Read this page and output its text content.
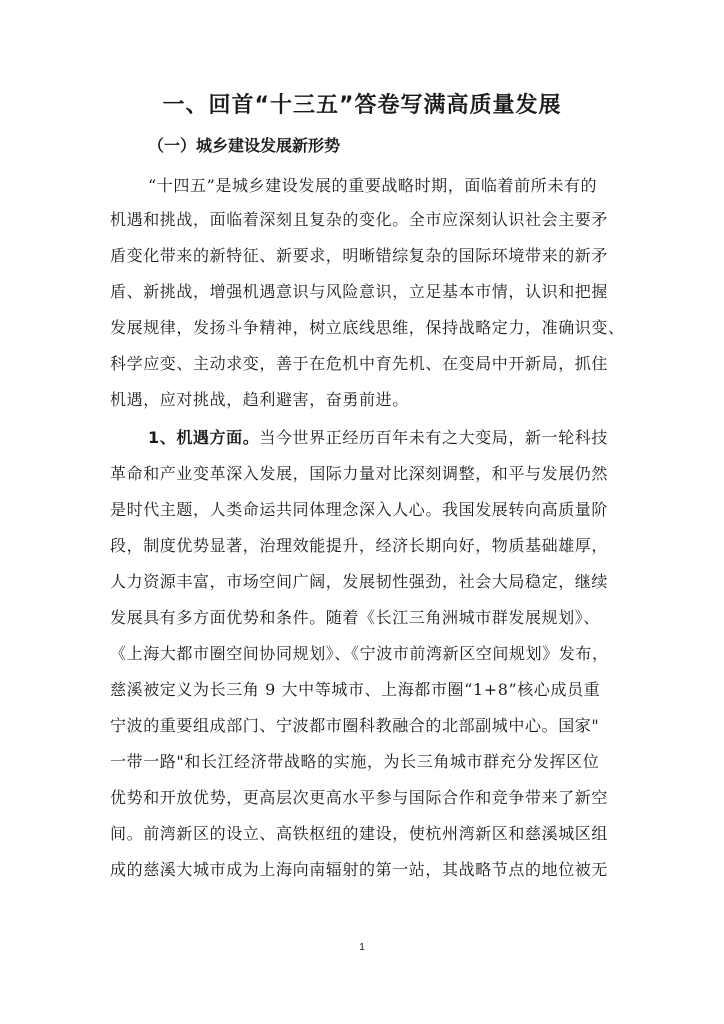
一、回首“十三五”答卷写满高质量发展
（一）城乡建设发展新形势
“十四五”是城乡建设发展的重要战略时期，面临着前所未有的
机遇和挑战，面临着深刻且复杂的变化。全市应深刻认识社会主要矛
盾变化带来的新特征、新要求，明晰错综复杂的国际环境带来的新矛
盾、新挑战，增强机遇意识与风险意识，立足基本市情，认识和把握
发展规律，发扬斗争精神，树立底线思维，保持战略定力，准确识变、
科学应变、主动求变，善于在危机中育先机、在变局中开新局，抓住
机遇，应对挑战，趋利避害，奋勇前进。
1、机遇方面。当今世界正经历百年未有之大变局，新一轮科技
革命和产业变革深入发展，国际力量对比深刻调整，和平与发展仍然
是时代主题，人类命运共同体理念深入人心。我国发展转向高质量阶
段，制度优势显著，治理效能提升，经济长期向好，物质基础雄厚，
人力资源丰富，市场空间广阔，发展韧性强劲，社会大局稳定，继续
发展具有多方面优势和条件。随着《长江三角洲城市群发展规划》、
《上海大都市圈空间协同规划》、《宁波市前湾新区空间规划》发布，
慈溪被定义为长三角 9 大中等城市、上海都市圈“1+8”核心成员重
宁波的重要组成部门、宁波都市圈科教融合的北部副城中心。国家"
一带一路"和长江经济带战略的实施，为长三角城市群充分发挥区位
优势和开放优势，更高层次更高水平参与国际合作和竞争带来了新空
间。前湾新区的设立、高铁枢纽的建设，使杭州湾新区和慈溪城区组
成的慈溪大城市成为上海向南辐射的第一站，其战略节点的地位被无
1
